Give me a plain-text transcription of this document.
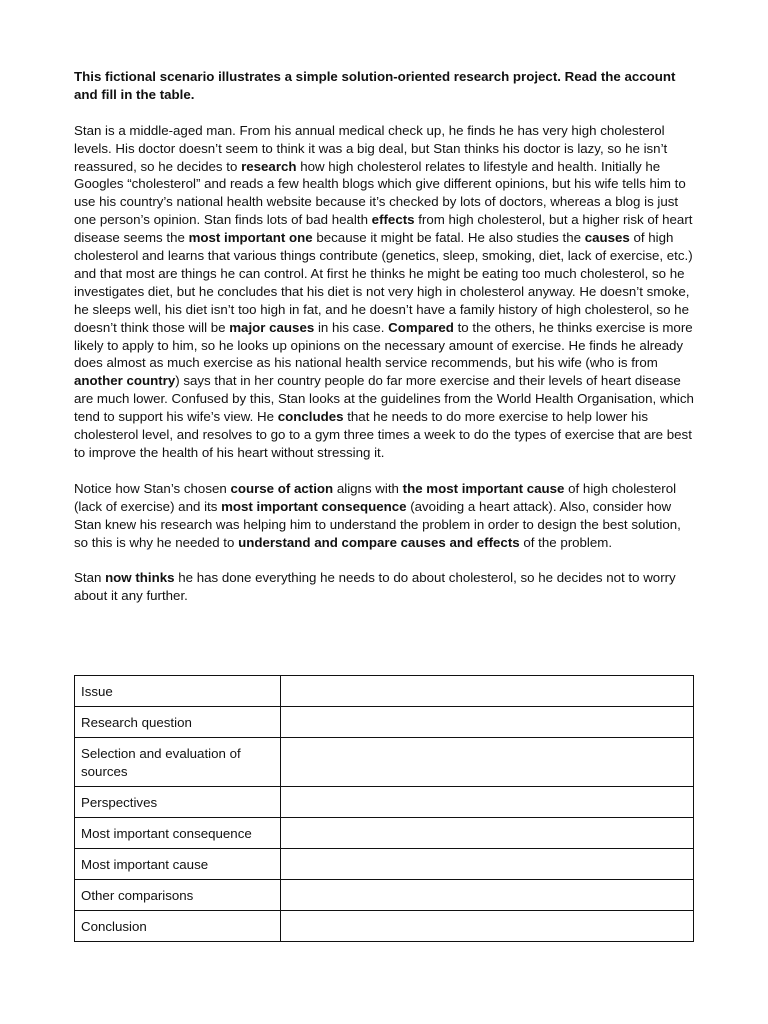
This fictional scenario illustrates a simple solution-oriented research project. Read the account and fill in the table.

Stan is a middle-aged man. From his annual medical check up, he finds he has very high cholesterol levels. His doctor doesn’t seem to think it was a big deal, but Stan thinks his doctor is lazy, so he isn’t reassured, so he decides to research how high cholesterol relates to lifestyle and health. Initially he Googles “cholesterol” and reads a few health blogs which give different opinions, but his wife tells him to use his country’s national health website because it’s checked by lots of doctors, whereas a blog is just one person’s opinion. Stan finds lots of bad health effects from high cholesterol, but a higher risk of heart disease seems the most important one because it might be fatal. He also studies the causes of high cholesterol and learns that various things contribute (genetics, sleep, smoking, diet, lack of exercise, etc.) and that most are things he can control. At first he thinks he might be eating too much cholesterol, so he investigates diet, but he concludes that his diet is not very high in cholesterol anyway. He doesn’t smoke, he sleeps well, his diet isn’t too high in fat, and he doesn’t have a family history of high cholesterol, so he doesn’t think those will be major causes in his case. Compared to the others, he thinks exercise is more likely to apply to him, so he looks up opinions on the necessary amount of exercise. He finds he already does almost as much exercise as his national health service recommends, but his wife (who is from another country) says that in her country people do far more exercise and their levels of heart disease are much lower. Confused by this, Stan looks at the guidelines from the World Health Organisation, which tend to support his wife’s view. He concludes that he needs to do more exercise to help lower his cholesterol level, and resolves to go to a gym three times a week to do the types of exercise that are best to improve the health of his heart without stressing it.

Notice how Stan’s chosen course of action aligns with the most important cause of high cholesterol (lack of exercise) and its most important consequence (avoiding a heart attack). Also, consider how Stan knew his research was helping him to understand the problem in order to design the best solution, so this is why he needed to understand and compare causes and effects of the problem.

Stan now thinks he has done everything he needs to do about cholesterol, so he decides not to worry about it any further.

Issue	
Research question	
Selection and evaluation of sources	
Perspectives	
Most important consequence	
Most important cause	
Other comparisons	
Conclusion	
